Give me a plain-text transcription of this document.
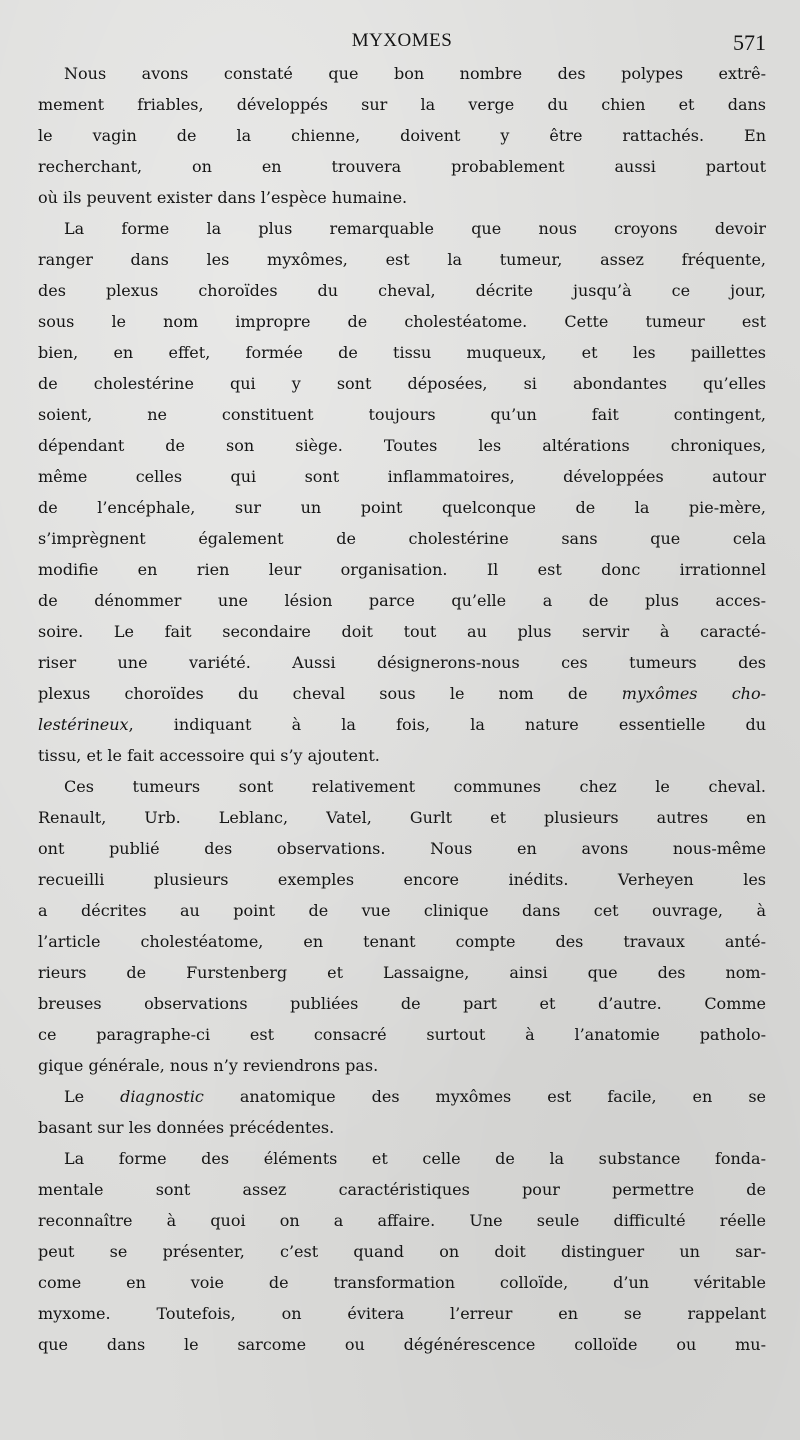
MYXOMES	571
Nous avons constaté que bon nombre des polypes extrê-
mement friables, développés sur la verge du chien et dans
le vagin de la chienne, doivent y être rattachés. En
recherchant, on en trouvera probablement aussi partout
où ils peuvent exister dans l’espèce humaine.
La forme la plus remarquable que nous croyons devoir
ranger dans les myxômes, est la tumeur, assez fréquente,
des plexus choroïdes du cheval, décrite jusqu’à ce jour,
sous le nom impropre de cholestéatome. Cette tumeur est
bien, en effet, formée de tissu muqueux, et les paillettes
de cholestérine qui y sont déposées, si abondantes qu’elles
soient, ne constituent toujours qu’un fait contingent,
dépendant de son siège. Toutes les altérations chroniques,
même celles qui sont inflammatoires, développées autour
de l’encéphale, sur un point quelconque de la pie-mère,
s’imprègnent également de cholestérine sans que cela
modifie en rien leur organisation. Il est donc irrationnel
de dénommer une lésion parce qu’elle a de plus acces-
soire. Le fait secondaire doit tout au plus servir à caracté-
riser une variété. Aussi désignerons-nous ces tumeurs des
plexus choroïdes du cheval sous le nom de myxômes cho-
lestérineux, indiquant à la fois, la nature essentielle du
tissu, et le fait accessoire qui s’y ajoutent.
Ces tumeurs sont relativement communes chez le cheval.
Renault, Urb. Leblanc, Vatel, Gurlt et plusieurs autres en
ont publié des observations. Nous en avons nous-même
recueilli plusieurs exemples encore inédits. Verheyen les
a décrites au point de vue clinique dans cet ouvrage, à
l’article cholestéatome, en tenant compte des travaux anté-
rieurs de Furstenberg et Lassaigne, ainsi que des nom-
breuses observations publiées de part et d’autre. Comme
ce paragraphe-ci est consacré surtout à l’anatomie patholo-
gique générale, nous n’y reviendrons pas.
Le diagnostic anatomique des myxômes est facile, en se
basant sur les données précédentes.
La forme des éléments et celle de la substance fonda-
mentale sont assez caractéristiques pour permettre de
reconnaître à quoi on a affaire. Une seule difficulté réelle
peut se présenter, c’est quand on doit distinguer un sar-
come en voie de transformation colloïde, d’un véritable
myxome. Toutefois, on évitera l’erreur en se rappelant
que dans le sarcome ou dégénérescence colloïde ou mu-
